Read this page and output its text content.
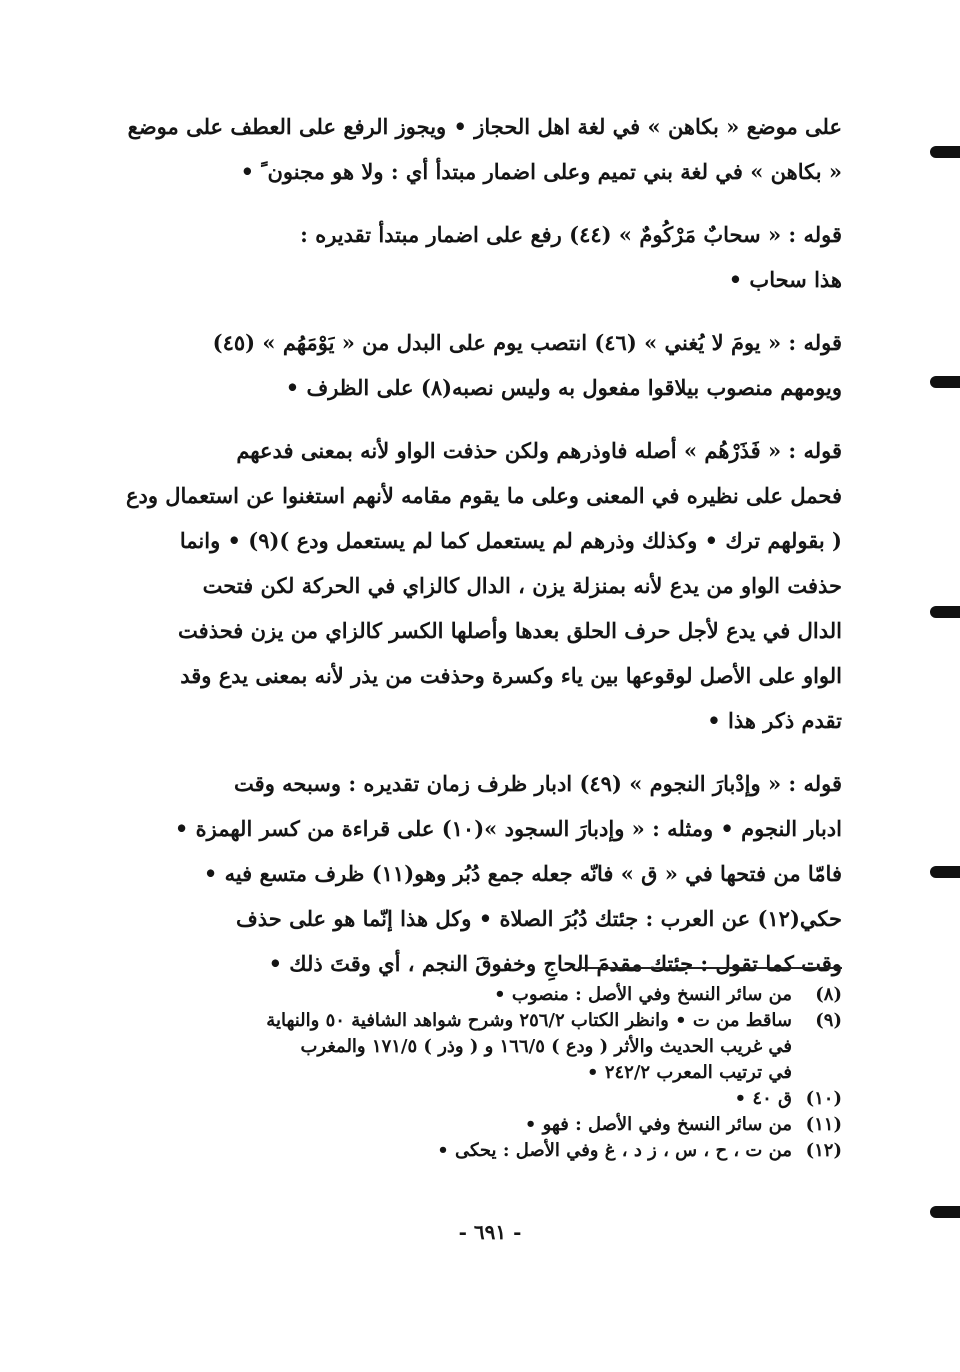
على موضع « بكاهن » في لغة اهل الحجاز • ويجوز الرفع على العطف على موضع
« بكاهن » في لغة بني تميم وعلى اضمار مبتدأ أي : ولا هو مجنون ً •
قوله : « سحابٌ مَرْكُومٌ » (٤٤) رفع على اضمار مبتدأ تقديره :
هذا سحاب •
قوله : « يومَ لا يُغني » (٤٦) انتصب يوم على البدل من « يَوْمَهُم » (٤٥)
ويومهم منصوب بيلاقوا مفعول به وليس نصبه(٨) على الظرف •
قوله : « فَذَرْهُم » أصله فاوذرهم ولكن حذفت الواو لأنه بمعنى فدعهم
فحمل على نظيره في المعنى وعلى ما يقوم مقامه لأنهم استغنوا عن استعمال ودع
( بقولهم ترك • وكذلك وذرهم لم يستعمل كما لم يستعمل ودع )(٩) • وانما
حذفت الواو من يدع لأنه بمنزلة يزن ، الدال كالزاي في الحركة لكن فتحت
الدال في يدع لأجل حرف الحلق بعدها وأصلها الكسر كالزاي من يزن فحذفت
الواو على الأصل لوقوعها بين ياء وكسرة وحذفت من يذر لأنه بمعنى يدع وقد
تقدم ذكر هذا •
قوله : « وإدْبارَ النجوم » (٤٩) ادبار ظرف زمان تقديره : وسبحه وقت
ادبار النجوم • ومثله : « وإدبارَ السجود »(١٠) على قراءة من كسر الهمزة •
فامّا من فتحها في « ق » فانّه جعله جمع دُبُر وهو(١١) ظرف متسع فيه •
حكي(١٢) عن العرب : جئتك دُبُرَ الصلاة • وكل هذا إنّما هو على حذف
وقت كما تقول : جئتك مقدمَ الحاجِ وخفوقَ النجم ، أي وقتَ ذلك •
(٨)
من سائر النسخ وفي الأصل : منصوب •
(٩)
ساقط من ت • وانظر الكتاب ٢٥٦/٢ وشرح شواهد الشافية ٥٠ والنهاية
في غريب الحديث والأثر ( ودع ) ١٦٦/٥ و ( وذر ) ١٧١/٥ والمغرب
في ترتيب المعرب ٢٤٢/٢ •
(١٠)
ق ٤٠ •
(١١)
من سائر النسخ وفي الأصل : فهو •
(١٢)
من ت ، ح ، س ، ز د ، غ وفي الأصل : يحكى •
- ٦٩١ -
